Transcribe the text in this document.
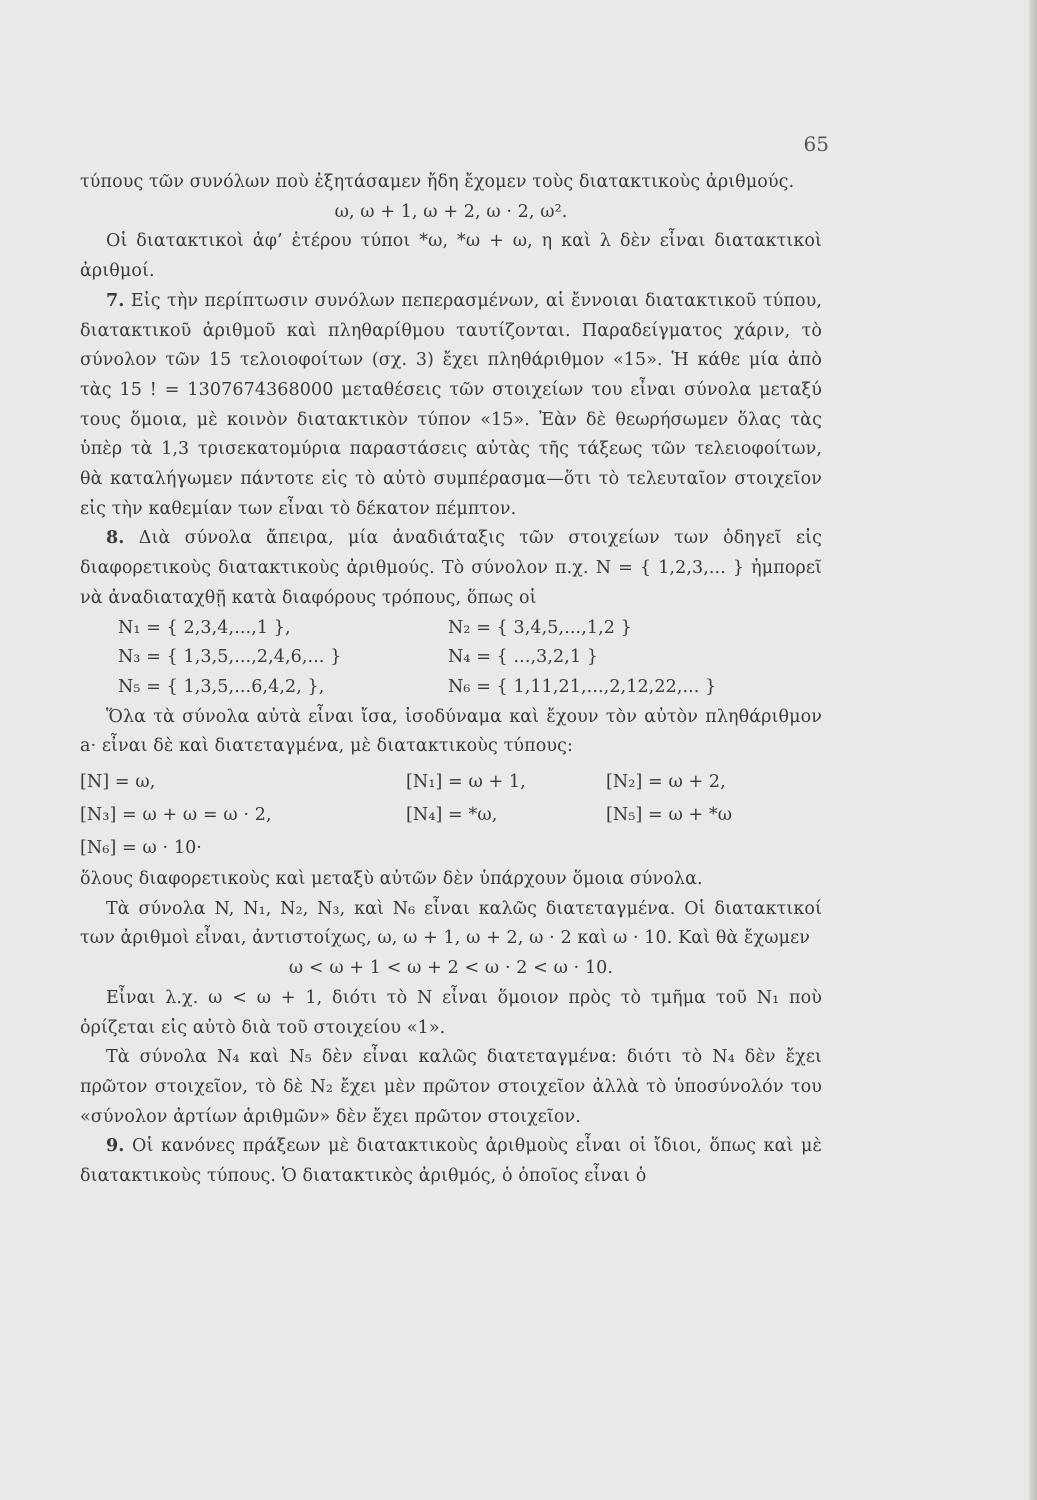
65

τύπους τῶν συνόλων ποὺ ἐξητάσαμεν ἤδη ἔχομεν τοὺς διατακτικοὺς ἀριθμούς.

ω, ω + 1, ω + 2, ω · 2, ω².

Οἱ διατακτικοὶ ἀφ’ ἑτέρου τύποι *ω, *ω + ω, η καὶ λ δὲν εἶναι διατακτικοὶ ἀριθμοί.

7. Εἰς τὴν περίπτωσιν συνόλων πεπερασμένων, αἱ ἔννοιαι διατακτικοῦ τύπου, διατακτικοῦ ἀριθμοῦ καὶ πληθαρίθμου ταυτίζονται. Παραδείγματος χάριν, τὸ σύνολον τῶν 15 τελοιοφοίτων (σχ. 3) ἔχει πληθάριθμον «15». Ἡ κάθε μία ἀπὸ τὰς 15 ! = 1307674368000 μεταθέσεις τῶν στοιχείων του εἶναι σύνολα μεταξύ τους ὅμοια, μὲ κοινὸν διατακτικὸν τύπον «15». Ἐὰν δὲ θεωρήσωμεν ὅλας τὰς ὑπὲρ τὰ 1,3 τρισεκατομύρια παραστάσεις αὐτὰς τῆς τάξεως τῶν τελειοφοίτων, θὰ καταλήγωμεν πάντοτε εἰς τὸ αὐτὸ συμπέρασμα—ὅτι τὸ τελευταῖον στοιχεῖον εἰς τὴν καθεμίαν των εἶναι τὸ δέκατον πέμπτον.

8. Διὰ σύνολα ἄπειρα, μία ἀναδιάταξις τῶν στοιχείων των ὁδηγεῖ εἰς διαφορετικοὺς διατακτικοὺς ἀριθμούς. Τὸ σύνολον π.χ. N = { 1,2,3,... } ἠμπορεῖ νὰ ἀναδιαταχθῇ κατὰ διαφόρους τρόπους, ὅπως οἱ

N₁ = { 2,3,4,...,1 },	N₂ = { 3,4,5,...,1,2 }
N₃ = { 1,3,5,...,2,4,6,... }	N₄ = { ...,3,2,1 }
N₅ = { 1,3,5,...6,4,2, },	N₆ = { 1,11,21,...,2,12,22,... }

Ὅλα τὰ σύνολα αὐτὰ εἶναι ἴσα, ἰσοδύναμα καὶ ἔχουν τὸν αὐτὸν πληθάριθμον a· εἶναι δὲ καὶ διατεταγμένα, μὲ διατακτικοὺς τύπους:

[N] = ω,	[N₁] = ω + 1,	[N₂] = ω + 2,
[N₃] = ω + ω = ω · 2,	[N₄] = *ω,	[N₅] = ω + *ω
[N₆] = ω · 10·

ὅλους διαφορετικοὺς καὶ μεταξὺ αὐτῶν δὲν ὑπάρχουν ὅμοια σύνολα.

Τὰ σύνολα N, N₁, N₂, N₃, καὶ N₆ εἶναι καλῶς διατεταγμένα. Οἱ διατακτικοί των ἀριθμοὶ εἶναι, ἀντιστοίχως, ω, ω + 1, ω + 2, ω · 2 καὶ ω · 10. Καὶ θὰ ἔχωμεν

ω < ω + 1 < ω + 2 < ω · 2 < ω · 10.

Εἶναι λ.χ. ω < ω + 1, διότι τὸ N εἶναι ὅμοιον πρὸς τὸ τμῆμα τοῦ N₁ ποὺ ὁρίζεται εἰς αὐτὸ διὰ τοῦ στοιχείου «1».

Τὰ σύνολα N₄ καὶ N₅ δὲν εἶναι καλῶς διατεταγμένα: διότι τὸ N₄ δὲν ἔχει πρῶτον στοιχεῖον, τὸ δὲ N₂ ἔχει μὲν πρῶτον στοιχεῖον ἀλλὰ τὸ ὑποσύνολόν του «σύνολον ἀρτίων ἀριθμῶν» δὲν ἔχει πρῶτον στοιχεῖον.

9. Οἱ κανόνες πράξεων μὲ διατακτικοὺς ἀριθμοὺς εἶναι οἱ ἴδιοι, ὅπως καὶ μὲ διατακτικοὺς τύπους. Ὁ διατακτικὸς ἀριθμός, ὁ ὁποῖος εἶναι ὁ
